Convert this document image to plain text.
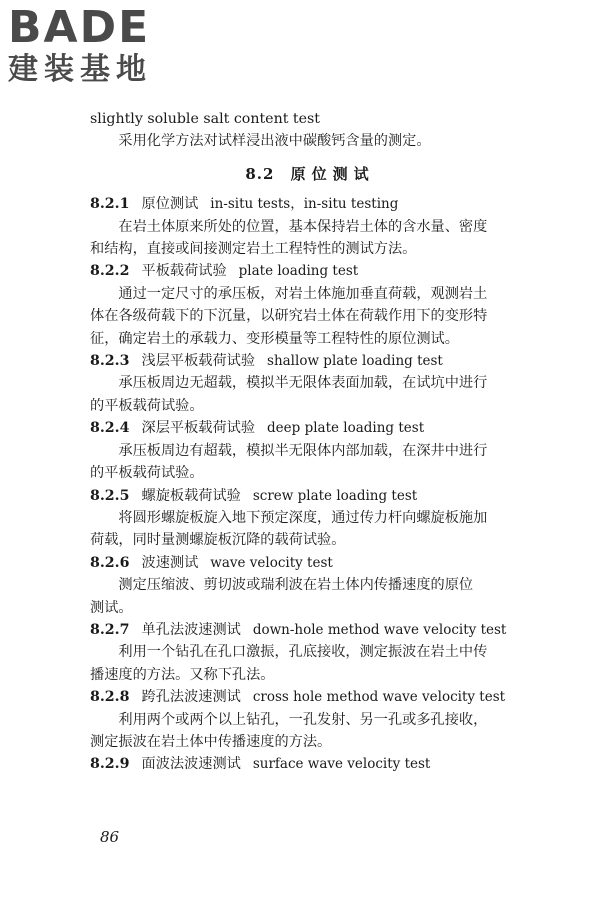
BADE
建装基地

slightly soluble salt content test

采用化学方法对试样浸出液中碳酸钙含量的测定。

8.2 原位测试

8.2.1 原位测试 in-situ tests，in-situ testing

在岩土体原来所处的位置，基本保持岩土体的含水量、密度

和结构，直接或间接测定岩土工程特性的测试方法。

8.2.2 平板载荷试验 plate loading test

通过一定尺寸的承压板，对岩土体施加垂直荷载，观测岩土

体在各级荷载下的下沉量，以研究岩土体在荷载作用下的变形特

征，确定岩土的承载力、变形模量等工程特性的原位测试。

8.2.3 浅层平板载荷试验 shallow plate loading test

承压板周边无超载，模拟半无限体表面加载，在试坑中进行

的平板载荷试验。

8.2.4 深层平板载荷试验 deep plate loading test

承压板周边有超载，模拟半无限体内部加载，在深井中进行

的平板载荷试验。

8.2.5 螺旋板载荷试验 screw plate loading test

将圆形螺旋板旋入地下预定深度，通过传力杆向螺旋板施加

荷载，同时量测螺旋板沉降的载荷试验。

8.2.6 波速测试 wave velocity test

测定压缩波、剪切波或瑞利波在岩土体内传播速度的原位

测试。

8.2.7 单孔法波速测试 down-hole method wave velocity test

利用一个钻孔在孔口激振，孔底接收，测定振波在岩土中传

播速度的方法。又称下孔法。

8.2.8 跨孔法波速测试 cross hole method wave velocity test

利用两个或两个以上钻孔，一孔发射、另一孔或多孔接收，

测定振波在岩土体中传播速度的方法。

8.2.9 面波法波速测试 surface wave velocity test

86
